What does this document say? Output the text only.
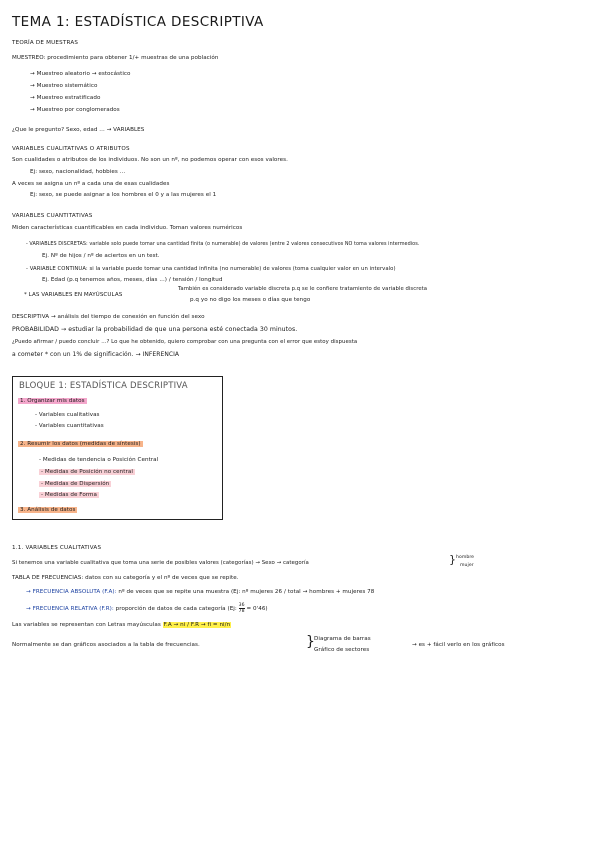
TEMA 1: ESTADÍSTICA DESCRIPTIVA
TEORÍA DE MUESTRAS
MUESTREO: procedimiento para obtener 1/+ muestras de una población
→ Muestreo aleatorio → estocástico
→ Muestreo sistemático
→ Muestreo estratificado
→ Muestreo por conglomerados
¿Que le pregunto? Sexo, edad ... → VARIABLES
VARIABLES CUALITATIVAS O ATRIBUTOS
Son cualidades o atributos de los individuos. No son un nº, no podemos operar con esos valores.
Ej: sexo, nacionalidad, hobbies ...
A veces se asigna un nº a cada una de esas cualidades
Ej: sexo, se puede asignar a los hombres el 0 y a las mujeres el 1
VARIABLES CUANTITATIVAS
Miden características cuantificables en cada individuo. Toman valores numéricos
- VARIABLES DISCRETAS: variable solo puede tomar una cantidad finita (o numerable) de valores (entre 2 valores consecutivos NO toma valores intermedios.
Ej. Nº de hijos / nº de aciertos en un test.
- VARIABLE CONTINUA: si la variable puede tomar una cantidad infinita (no numerable) de valores (toma cualquier valor en un intervalo)
Ej. Edad (p.q tenemos años, meses, días ...) / tensión / longitud
* LAS VARIABLES EN MAYÚSCULAS
También es considerado variable discreta p.q se le confiere tratamiento de variable discreta
p.q yo no digo los meses o días que tengo
DESCRIPTIVA → análisis del tiempo de conexión en función del sexo
PROBABILIDAD → estudiar la probabilidad de que una persona esté conectada 30 minutos.
¿Puedo afirmar / puedo concluir ...? Lo que he obtenido, quiero comprobar con una pregunta con el error que estoy dispuesta
a cometer * con un 1% de significación. → INFERENCIA
BLOQUE 1: ESTADÍSTICA DESCRIPTIVA
1. Organizar mis datos
- Variables cualitativas
- Variables cuantitativas
2. Resumir los datos (medidas de síntesis)
- Medidas de tendencia o Posición Central
- Medidas de Posición no central
- Medidas de Dispersión
- Medidas de Forma
3. Análisis de datos
1.1. VARIABLES CUALITATIVAS
Si tenemos una variable cualitativa que toma una serie de posibles valores (categorías) → Sexo → categoría
hombre
mujer
}
TABLA DE FRECUENCIAS: datos con su categoría y el nº de veces que se repite.
→ FRECUENCIA ABSOLUTA (F.A): nº de veces que se repite una muestra (Ej: nº mujeres 26 / total → hombres + mujeres 78
→ FRECUENCIA RELATIVA (F.R): proporción de datos de cada categoría (Ej: $\frac{36}{78} = 0'46$)
Las variables se representan con Letras mayúsculas F.A → ni / F.R → fi = ni/n
Normalmente se dan gráficos asociados a la tabla de frecuencias.	} Diagrama de barras
Gráfico de sectores
→ es + fácil verlo en los gráficos
